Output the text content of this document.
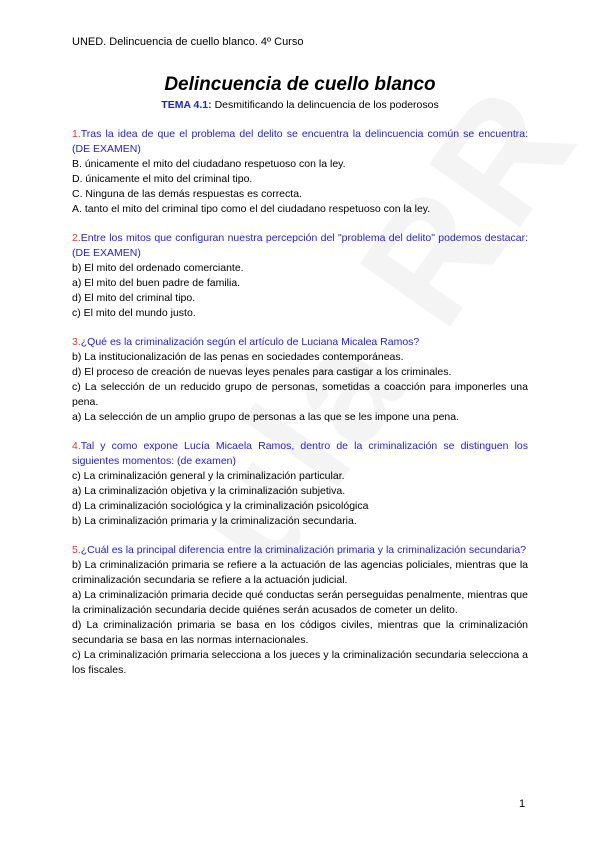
UNED. Delincuencia de cuello blanco. 4º Curso
Delincuencia de cuello blanco
TEMA 4.1: Desmitificando la delincuencia de los poderosos
1.Tras la idea de que el problema del delito se encuentra la delincuencia común se encuentra: (DE EXAMEN)
B. únicamente el mito del ciudadano respetuoso con la ley.
D. únicamente el mito del criminal tipo.
C. Ninguna de las demás respuestas es correcta.
A. tanto el mito del criminal tipo como el del ciudadano respetuoso con la ley.
2.Entre los mitos que configuran nuestra percepción del "problema del delito" podemos destacar: (DE EXAMEN)
b) El mito del ordenado comerciante.
a) El mito del buen padre de familia.
d) El mito del criminal tipo.
c) El mito del mundo justo.
3.¿Qué es la criminalización según el artículo de Luciana Micalea Ramos?
b) La institucionalización de las penas en sociedades contemporáneas.
d) El proceso de creación de nuevas leyes penales para castigar a los criminales.
c) La selección de un reducido grupo de personas, sometidas a coacción para imponerles una pena.
a) La selección de un amplio grupo de personas a las que se les impone una pena.
4.Tal y como expone Lucía Micaela Ramos, dentro de la criminalización se distinguen los siguientes momentos: (de examen)
c) La criminalización general y la criminalización particular.
a) La criminalización objetiva y la criminalización subjetiva.
d) La criminalización sociológica y la criminalización psicológica
b) La criminalización primaria y la criminalización secundaria.
5.¿Cuál es la principal diferencia entre la criminalización primaria y la criminalización secundaria?
b) La criminalización primaria se refiere a la actuación de las agencias policiales, mientras que la criminalización secundaria se refiere a la actuación judicial.
a) La criminalización primaria decide qué conductas serán perseguidas penalmente, mientras que la criminalización secundaria decide quiénes serán acusados de cometer un delito.
d) La criminalización primaria se basa en los códigos civiles, mientras que la criminalización secundaria se basa en las normas internacionales.
c) La criminalización primaria selecciona a los jueces y la criminalización secundaria selecciona a los fiscales.
1
